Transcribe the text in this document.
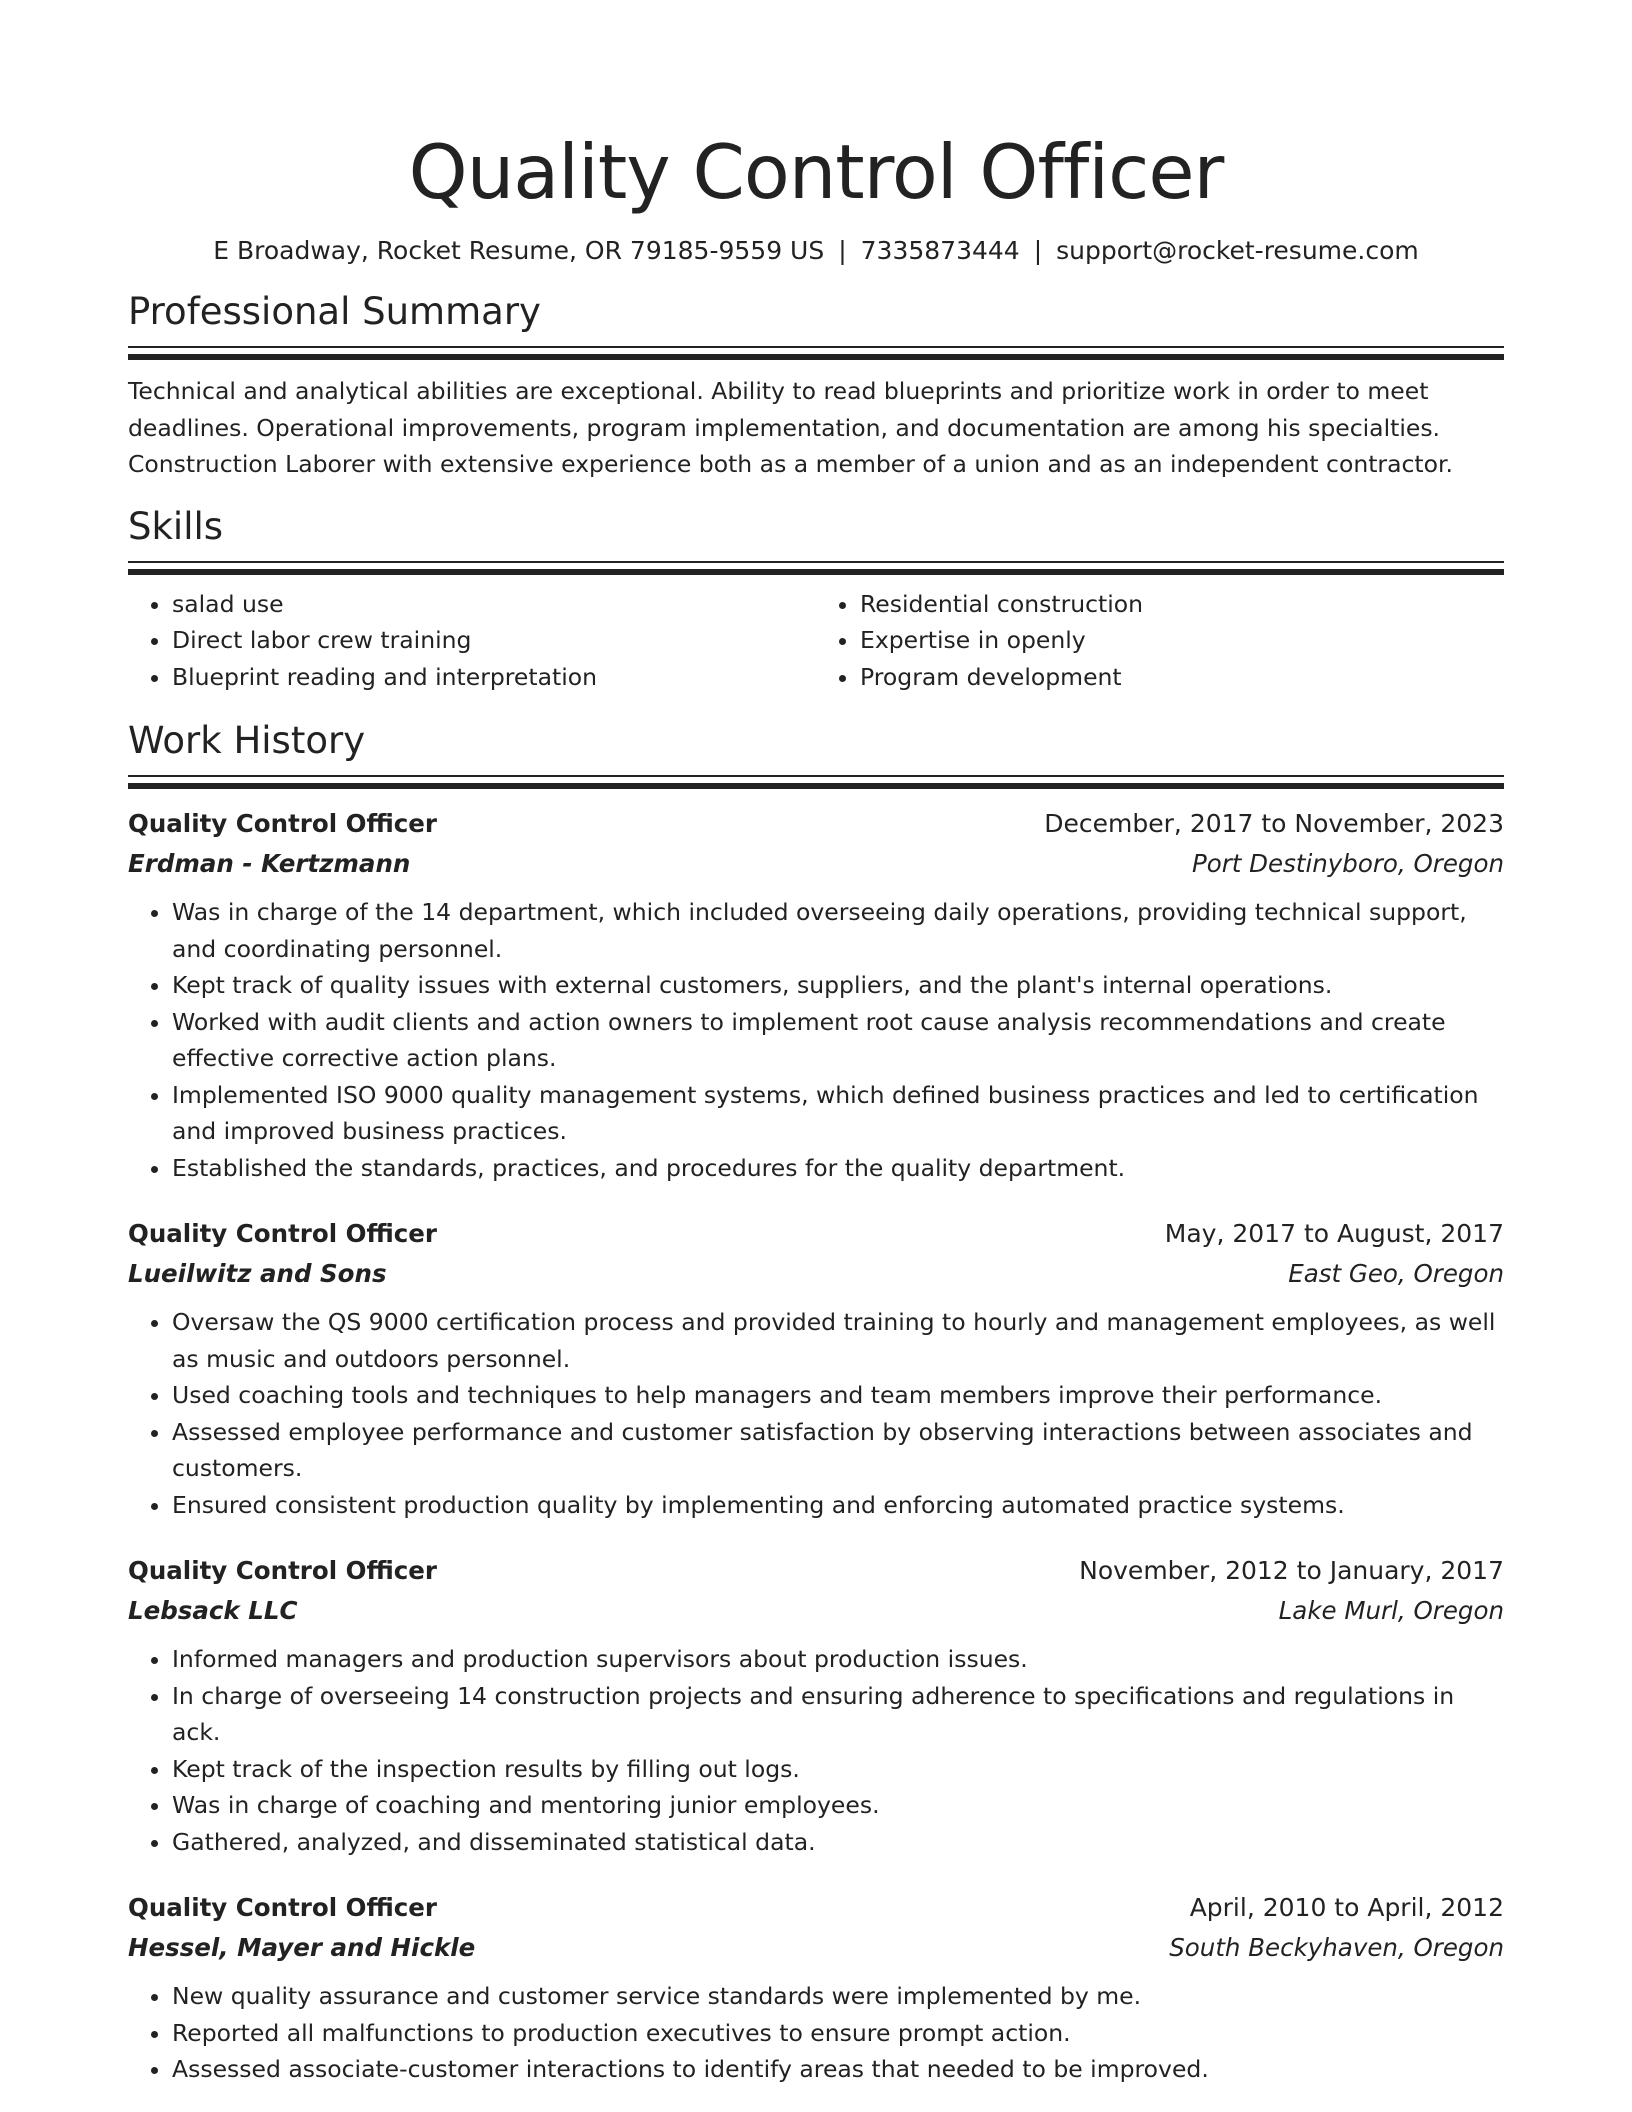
Quality Control Officer
E Broadway, Rocket Resume, OR 79185-9559 US | 7335873444 | support@rocket-resume.com
Professional Summary
Technical and analytical abilities are exceptional. Ability to read blueprints and prioritize work in order to meet deadlines. Operational improvements, program implementation, and documentation are among his specialties. Construction Laborer with extensive experience both as a member of a union and as an independent contractor.
Skills
• salad use
• Direct labor crew training
• Blueprint reading and interpretation
• Residential construction
• Expertise in openly
• Program development
Work History
Quality Control Officer	December, 2017 to November, 2023
Erdman - Kertzmann	Port Destinyboro, Oregon
• Was in charge of the 14 department, which included overseeing daily operations, providing technical support, and coordinating personnel.
• Kept track of quality issues with external customers, suppliers, and the plant's internal operations.
• Worked with audit clients and action owners to implement root cause analysis recommendations and create effective corrective action plans.
• Implemented ISO 9000 quality management systems, which defined business practices and led to certification and improved business practices.
• Established the standards, practices, and procedures for the quality department.
Quality Control Officer	May, 2017 to August, 2017
Lueilwitz and Sons	East Geo, Oregon
• Oversaw the QS 9000 certification process and provided training to hourly and management employees, as well as music and outdoors personnel.
• Used coaching tools and techniques to help managers and team members improve their performance.
• Assessed employee performance and customer satisfaction by observing interactions between associates and customers.
• Ensured consistent production quality by implementing and enforcing automated practice systems.
Quality Control Officer	November, 2012 to January, 2017
Lebsack LLC	Lake Murl, Oregon
• Informed managers and production supervisors about production issues.
• In charge of overseeing 14 construction projects and ensuring adherence to specifications and regulations in ack.
• Kept track of the inspection results by filling out logs.
• Was in charge of coaching and mentoring junior employees.
• Gathered, analyzed, and disseminated statistical data.
Quality Control Officer	April, 2010 to April, 2012
Hessel, Mayer and Hickle	South Beckyhaven, Oregon
• New quality assurance and customer service standards were implemented by me.
• Reported all malfunctions to production executives to ensure prompt action.
• Assessed associate-customer interactions to identify areas that needed to be improved.
